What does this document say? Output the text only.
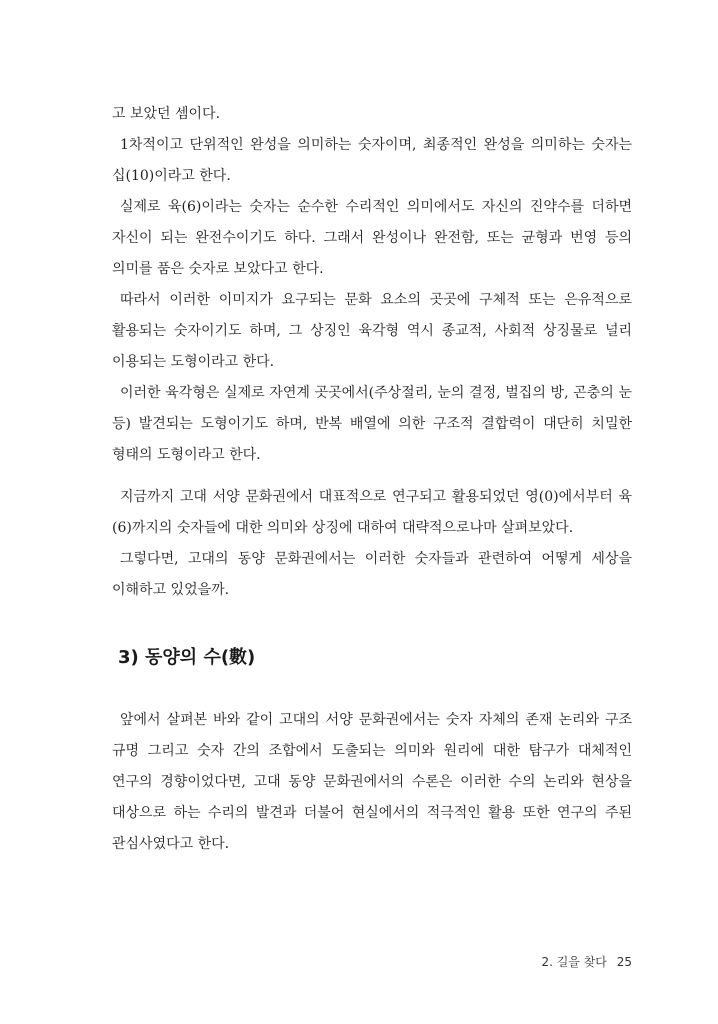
고 보았던 셈이다.

1차적이고 단위적인 완성을 의미하는 숫자이며, 최종적인 완성을 의미하는 숫자는 십(10)이라고 한다.

실제로 육(6)이라는 숫자는 순수한 수리적인 의미에서도 자신의 진약수를 더하면 자신이 되는 완전수이기도 하다. 그래서 완성이나 완전함, 또는 균형과 번영 등의 의미를 품은 숫자로 보았다고 한다.

따라서 이러한 이미지가 요구되는 문화 요소의 곳곳에 구체적 또는 은유적으로 활용되는 숫자이기도 하며, 그 상징인 육각형 역시 종교적, 사회적 상징물로 널리 이용되는 도형이라고 한다.

이러한 육각형은 실제로 자연계 곳곳에서(주상절리, 눈의 결정, 벌집의 방, 곤충의 눈 등) 발견되는 도형이기도 하며, 반복 배열에 의한 구조적 결합력이 대단히 치밀한 형태의 도형이라고 한다.

지금까지 고대 서양 문화권에서 대표적으로 연구되고 활용되었던 영(0)에서부터 육(6)까지의 숫자들에 대한 의미와 상징에 대하여 대략적으로나마 살펴보았다.

그렇다면, 고대의 동양 문화권에서는 이러한 숫자들과 관련하여 어떻게 세상을 이해하고 있었을까.

3) 동양의 수(數)

앞에서 살펴본 바와 같이 고대의 서양 문화권에서는 숫자 자체의 존재 논리와 구조 규명 그리고 숫자 간의 조합에서 도출되는 의미와 원리에 대한 탐구가 대체적인 연구의 경향이었다면, 고대 동양 문화권에서의 수론은 이러한 수의 논리와 현상을 대상으로 하는 수리의 발견과 더불어 현실에서의 적극적인 활용 또한 연구의 주된 관심사였다고 한다.

2. 길을 찾다 25
